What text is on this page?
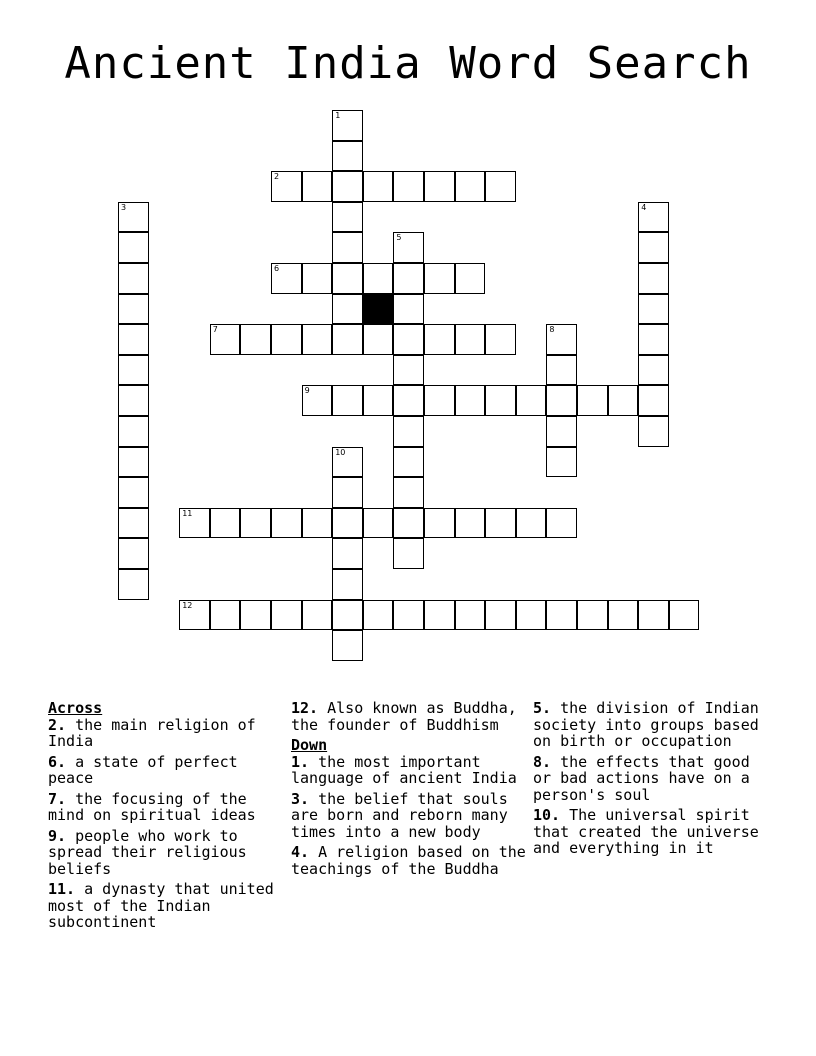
Ancient India Word Search
1
2
3	4
5
6
7	8
9
10
11
12
Across
2. the main religion of India
6. a state of perfect peace
7. the focusing of the mind on spiritual ideas
9. people who work to spread their religious beliefs
11. a dynasty that united most of the Indian subcontinent
12. Also known as Buddha, the founder of Buddhism
Down
1. the most important language of ancient India
3. the belief that souls are born and reborn many times into a new body
4. A religion based on the teachings of the Buddha
5. the division of Indian society into groups based on birth or occupation
8. the effects that good or bad actions have on a person's soul
10. The universal spirit that created the universe and everything in it
